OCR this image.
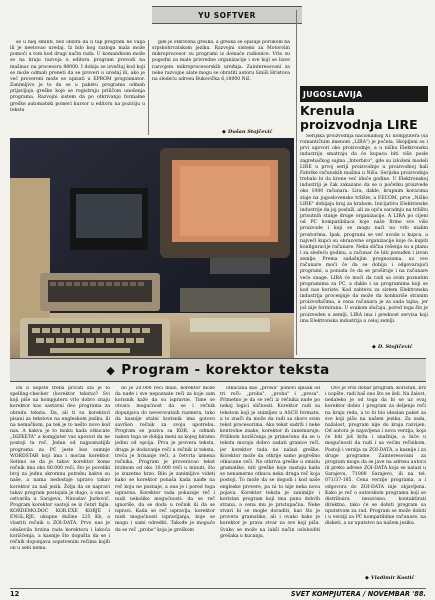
YU SOFTVER

se u niej smiliti, bez obzira da li tap program ne valja ili je neetovao uredaj. Iz bilo kog razloga mala može pomoći u tom kod drugi način rada. U komandnom može se na kraju razvoja u editoru program prevodi na mašinac na procesoru 88000. I dobija se izveštaj kod koji se može odmah preneti da se proveri u uredaj ili, ako je već provereni može se upisati u EPROM programator. Zanimljivo je to da se u paketu programa odmah prijavljuju greške koje se registruju priličom unošenja programa. Razvojni sistem da po otkrivanju formalne greške automatski pomeri kursor u editoru na poziciju u tekstu

gde je otkrivena greška, a greška se opisuje porukom na srpskohrvatskom jeziku. Razvojni sistemi za Motorolin mikroprocesor su programi iz domaće radionice. Vrlo su pogodni za male privredne organizacije i sve koji se bave razvojem mikroprocesorskih uređaja. Zainteresovani za neke razvojne alate mogu se obratiti autoru Siniši Hristova na sledeću adresu Bukovička 6,18000 Niš.

◆ Dušan Stojčević
JUGOSLAVIJA
Krenula proizvodnja LIRE

Serijska proizvodnja nacionalnog XT kompjutera (sa romantičnim imenom „LIRA") je počela. Skopljeni su i prvi ugovori oko proizvodnje, a u nišku Elektronsku industriju smatraju da će kupaca biti više posle zagrebačkog sajma „Interbiro", gde su izloženi modeli LIRE u prvoj seriji proizvodnje u proizvodnoj hali Fabrike računskih mašina u Nišu. Serijska proizvodnja trebalo bi da krene već iduće godine. U Elektronskoj industriji je čak zakazano da se u početku proizvede oko 1000 računara. Lira, dakle, krupnim koracima staje na jugoslovensko tržište, a FECOM, prve „Niško LIRE" dobijaju kraj za krabom. Inicijativu Elektronske industrije da joj posluži, ali za opću saradnju na tržištu prisutnih stanje druge organizacije. A LIRA po cijeni od PC kompatibilaca koje naše firme sve više proizvode i koji se mogu naći na vrlo malim prostorima. Ipak, programi se već uvode u kupca, a najveći kupci su obrazovne organizacije koje će kupiti konfiguracije računare. Neka slična rešenja su u planu i za sledeću godinu, a računar će biti ponuđen i izvan zemlje. Prema sadašnjim prognozama, uz ove računare moći će da se dobiju i odgovarajući programi, a ponuda će da se proširuje i na računare veće snage. LIRA će moći da radi sa svim poznatim programima za PC, a dakle i sa programima koji se kod nas koriste. Kod zahteva za sistem Elektronska industrija procenjuje da može da konkuriše stranim proizvođačima, a cena računara je za sada tajna, jer još nije formirana. U svakom slučaju, pored toga što je proizveden u zemlji, LIRA ima i prednost servisa koji ima Elektronska industrija u celoj zemlji.

◆ D. Stojičević
◆ Program - korektor teksta

Da li uopšte treba pričati šta je to spelling-checker (korektor teksta)? Svi koji piše na kompjuteru vrlo dobro znaju korektor kao sastavni deo programa za obradu teksta. Da, ali ti su korektori pisani za tekstove na engleskom jeziku, ili na nemačkom, pa tek je to nešto novo kod nas. A kakvu je to muku kada otkucate „DIZKETA" a kompjuter vas upozori da ne postoji ta reč. Jedan od najpoznatijih programa za PC jeste bez sumnje WORDSTAR koji ima i moćan korektor. Setimo se da je takav korektor kome rečnik ima oko 80.000 reči, što je poveliki broj za jednu skromnu potrebu kakve su naše, a nama nedostaje upravo takav korektor za naš jezik. Želja da se napravi takav program postojala je dugo, a ona se ostvarila u Sarajevu, Ninoslav Jurković. Program korektor sastoji se iz četiri fajla. KORDEMO.DOC KOR.EXE KORJE i ENGL.RJE, ukupne dužine 225 Kb, a vlastiti rečnik u ZOI-DATA. Prvo nas je oduševila brzina rada korektora i lakoća korišćenja, a kasnije što dopušta da se i rečnik dopunjava sopstvenim rečima kojih on u sebi nema.

do je 20.000 reči malo, korektor može da nađe i sve nepoznate reči za koje sam korisnik kaže da su ispravne. Time se otvara mogućnost da se i rečnik dopunjava do neverovatnih razmera, tako da kasnije stalni korisnik ima gotovo savršen rečnik za svoju upotrebu. Program se poziva sa KOR, a odmah nakon toga se dobija meni sa kojeg biramo jednu od opcija. Prva je provera teksta, druga je dodavanje reči u rečnik iz teksta, treća je brisanje reči, a četvrta izmena rečnika. Program je proveravao tekst brzinom od oko 10.000 reči u minuti, što je izuzetno brzo. Bilo je zanimljivo videti kako se korektor ponaša kada naiđe na reč koju ne poznaje, a ona je i pored toga ispravna. Korektor tada pokazuje reč i nudi nekoliko mogućnosti: da se reč ignoriše, da se doda u rečnik ili da se ispravi. Kada se reč ispravlja, korektor nudi mogućnosti ispravljanja, koje se mogu i sami odrediti. Takođe je moguće da se reč „probe" koja je greškom

otkucana kao „prowa" ponovi spisak od tri reči: „proba", „proba" i „prosa". Primetno je da se reči iz rečnika nude po nekoj logici sličnosti. Korektor radi sa tekstom koji je snimljen u ASCII formatu, a to znači da može da radi sa skoro svim tekst procesorima. Ako tekst sadrži i neke kontrolne znake, korektor ih zanemaruje. Prilikom korišćenja je primećeno da se u tekstu moraju dobro zadati granice reči, jer korektor tada ne nalazi greške. Korektor može da otkrije samo pogrešno otkucane reči. Ne otkriva greške u smislu gramatike, niti greške koje nastaju kada se nenamerno otkuca neka druga reč koja postoji. To može da se dogodi i kod naše engleske provere, pa ni to nije neka nova pojava. Korektor teksta je zanimljiv i koristan program koji ima puno dobrih strana, a cena mu je pristupačna. Neke stvari bi se mogle doraditi, kao što je provera gramatike, ali i ovako kako je korektor je prava stvar za sve koji pišu. Svako se može na lakši način osloboditi grešaka u kucanju.

Ovo je vrlo dobar program, koristan, brz i uopšte, radi baš ono što se želi. Na žalost, nedaleko je od toga da bi se uz ovaj korektor dobio i program za deljenje reči na kraju reda, a to bi bio idealan paket za sve koji pišu na našem jeziku. Za sada, nažalost, program nije do kraja razvijen. Od autora je najavljena i nova verzija, koja će biti još brža i snažnija, a biće u mogućnosti da radi i sa većim rečnikom. Postoji i verzija za ZOI-DATA, a kasnije i za druge programe. Zainteresovani za program mogu da se jave na adresu autora ili preko adrese ZOI-DATA koja se nalazi u Sarajevu, 71000 Sarajevo, ili na tel. 071/37-185. Cena verzije programa, a i odgovora do ZOI-DATA nije objavljena. Kako je reč o autorskom programu koji se distribuira nezavisno, kontaktirati direktno, tako će se dobiti program sa uputstvom za rad. Program se može dobiti i u verziji za PC kompatibilne računare, na disketi, a uz uputstvo na našem jeziku.

◆ Vladimir Kostić
12	SVET KOMPJUTERA / NOVEMBAR '88.
